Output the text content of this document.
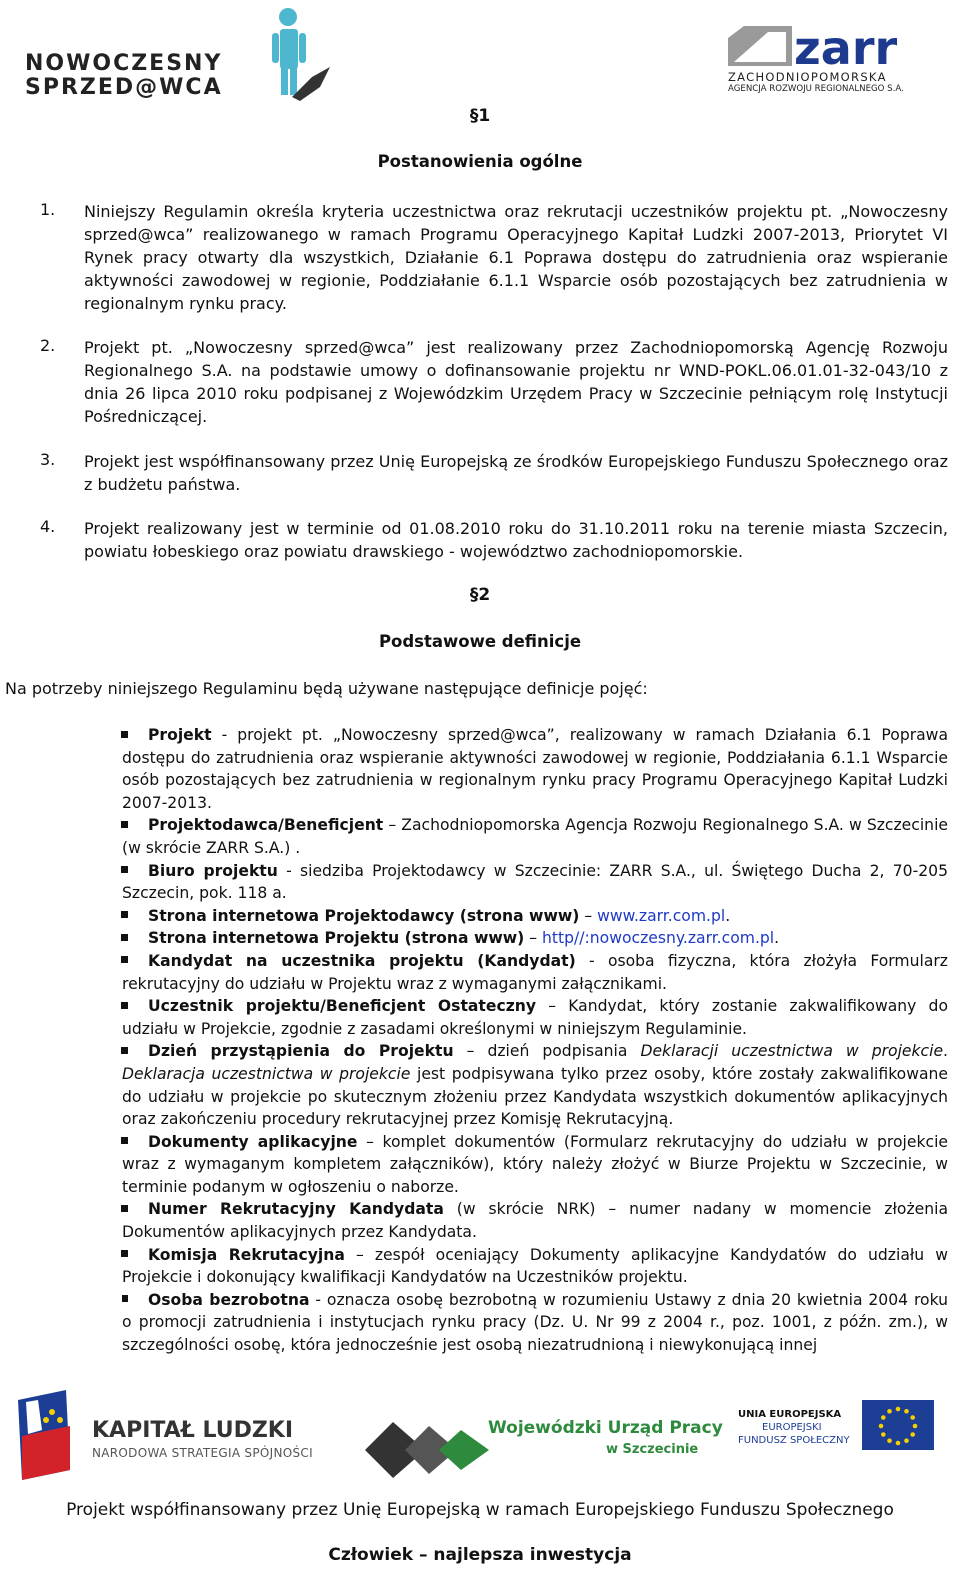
NOWOCZESNY
SPRZED@WCA
zarr
ZACHODNIOPOMORSKA
AGENCJA ROZWOJU REGIONALNEGO S.A.
§1
Postanowienia ogólne
1.	Niniejszy Regulamin określa kryteria uczestnictwa oraz rekrutacji uczestników projektu pt. „Nowoczesny sprzed@wca” realizowanego w ramach Programu Operacyjnego Kapitał Ludzki 2007-2013, Priorytet VI Rynek pracy otwarty dla wszystkich, Działanie 6.1 Poprawa dostępu do zatrudnienia oraz wspieranie aktywności zawodowej w regionie, Poddziałanie 6.1.1 Wsparcie osób pozostających bez zatrudnienia w regionalnym rynku pracy.
2.	Projekt pt. „Nowoczesny sprzed@wca” jest realizowany przez Zachodniopomorską Agencję Rozwoju Regionalnego S.A. na podstawie umowy o dofinansowanie projektu nr WND-POKL.06.01.01-32-043/10 z dnia 26 lipca 2010 roku podpisanej z Wojewódzkim Urzędem Pracy w Szczecinie pełniącym rolę Instytucji Pośredniczącej.
3.	Projekt jest współfinansowany przez Unię Europejską ze środków Europejskiego Funduszu Społecznego oraz z budżetu państwa.
4.	Projekt realizowany jest w terminie od 01.08.2010 roku do 31.10.2011 roku na terenie miasta Szczecin, powiatu łobeskiego oraz powiatu drawskiego - województwo zachodniopomorskie.
§2
Podstawowe definicje
Na potrzeby niniejszego Regulaminu będą używane następujące definicje pojęć:

Projekt - projekt pt. „Nowoczesny sprzed@wca”, realizowany w ramach Działania 6.1 Poprawa dostępu do zatrudnienia oraz wspieranie aktywności zawodowej w regionie, Poddziałania 6.1.1 Wsparcie osób pozostających bez zatrudnienia w regionalnym rynku pracy Programu Operacyjnego Kapitał Ludzki 2007-2013.

Projektodawca/Beneficjent – Zachodniopomorska Agencja Rozwoju Regionalnego S.A. w Szczecinie (w skrócie ZARR S.A.) .

Biuro projektu - siedziba Projektodawcy w Szczecinie: ZARR S.A., ul. Świętego Ducha 2, 70-205 Szczecin, pok. 118 a.

Strona internetowa Projektodawcy (strona www) – www.zarr.com.pl.

Strona internetowa Projektu (strona www) – http//:nowoczesny.zarr.com.pl.

Kandydat na uczestnika projektu (Kandydat) - osoba fizyczna, która złożyła Formularz rekrutacyjny do udziału w Projektu wraz z wymaganymi załącznikami.

Uczestnik projektu/Beneficjent Ostateczny – Kandydat, który zostanie zakwalifikowany do udziału w Projekcie, zgodnie z zasadami określonymi w niniejszym Regulaminie.

Dzień przystąpienia do Projektu – dzień podpisania Deklaracji uczestnictwa w projekcie. Deklaracja uczestnictwa w projekcie jest podpisywana tylko przez osoby, które zostały zakwalifikowane do udziału w projekcie po skutecznym złożeniu przez Kandydata wszystkich dokumentów aplikacyjnych oraz zakończeniu procedury rekrutacyjnej przez Komisję Rekrutacyjną.

Dokumenty aplikacyjne – komplet dokumentów (Formularz rekrutacyjny do udziału w projekcie wraz z wymaganym kompletem załączników), który należy złożyć w Biurze Projektu w Szczecinie, w terminie podanym w ogłoszeniu o naborze.

Numer Rekrutacyjny Kandydata (w skrócie NRK) – numer nadany w momencie złożenia Dokumentów aplikacyjnych przez Kandydata.

Komisja Rekrutacyjna – zespół oceniający Dokumenty aplikacyjne Kandydatów do udziału w Projekcie i dokonujący kwalifikacji Kandydatów na Uczestników projektu.

Osoba bezrobotna - oznacza osobę bezrobotną w rozumieniu Ustawy z dnia 20 kwietnia 2004 roku o promocji zatrudnienia i instytucjach rynku pracy (Dz. U. Nr 99 z 2004 r., poz. 1001, z późn. zm.), w szczególności osobę, która jednocześnie jest osobą niezatrudnioną i niewykonującą innej

KAPITAŁ LUDZKI
NARODOWA STRATEGIA SPÓJNOŚCI
Wojewódzki Urząd Pracy
w Szczecinie
UNIA EUROPEJSKA
EUROPEJSKI
FUNDUSZ SPOŁECZNY
Projekt współfinansowany przez Unię Europejską w ramach Europejskiego Funduszu Społecznego
Człowiek – najlepsza inwestycja
